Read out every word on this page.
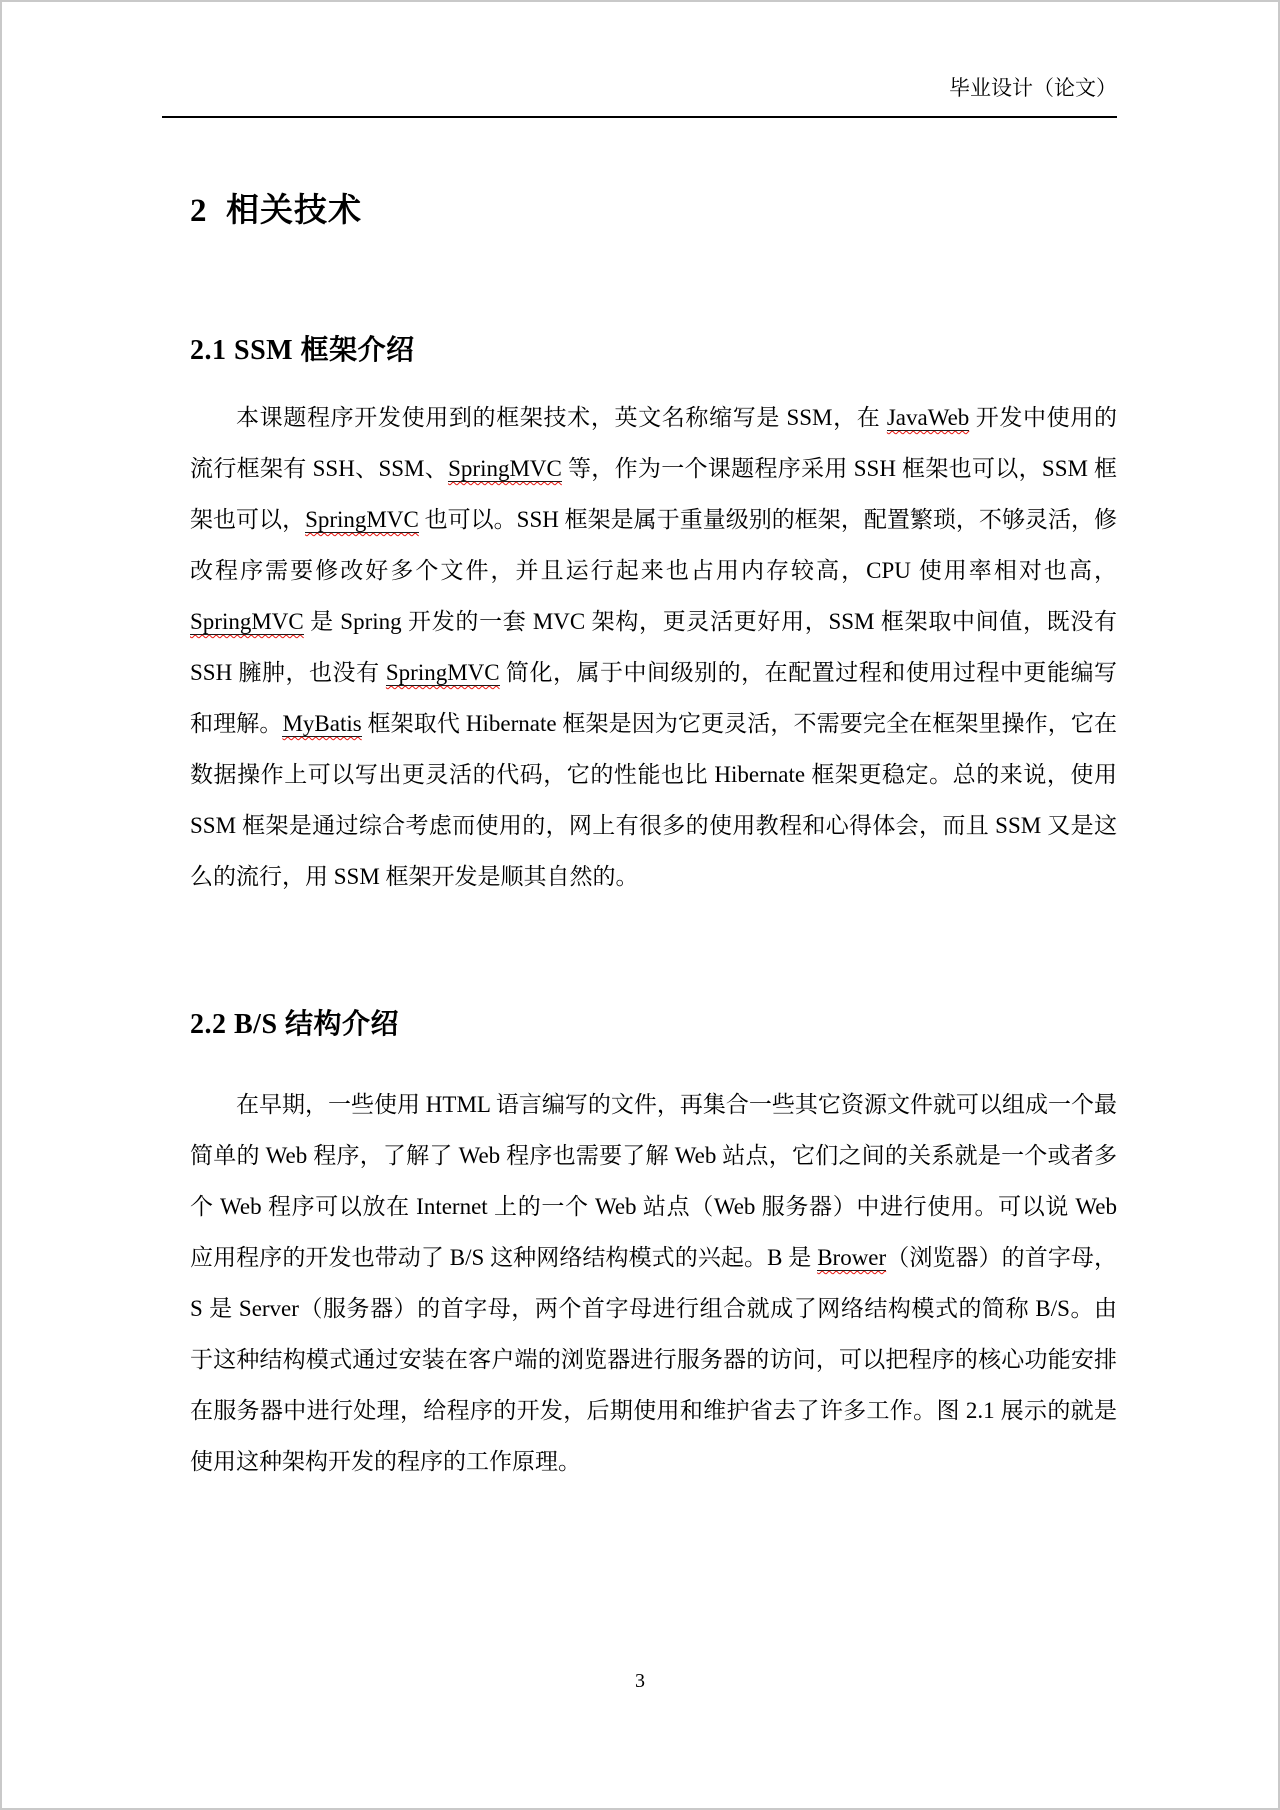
毕业设计（论文）
2  相关技术
2.1 SSM 框架介绍

本课题程序开发使用到的框架技术，英文名称缩写是 SSM，在 JavaWeb 开发中使用的流行框架有 SSH、SSM、SpringMVC 等，作为一个课题程序采用 SSH 框架也可以，SSM 框架也可以，SpringMVC 也可以。SSH 框架是属于重量级别的框架，配置繁琐，不够灵活，修改程序需要修改好多个文件，并且运行起来也占用内存较高，CPU 使用率相对也高，SpringMVC 是 Spring 开发的一套 MVC 架构，更灵活更好用，SSM 框架取中间值，既没有 SSH 臃肿，也没有 SpringMVC 简化，属于中间级别的，在配置过程和使用过程中更能编写和理解。MyBatis 框架取代 Hibernate 框架是因为它更灵活，不需要完全在框架里操作，它在数据操作上可以写出更灵活的代码，它的性能也比 Hibernate 框架更稳定。总的来说，使用 SSM 框架是通过综合考虑而使用的，网上有很多的使用教程和心得体会，而且 SSM 又是这么的流行，用 SSM 框架开发是顺其自然的。

2.2 B/S 结构介绍

在早期，一些使用 HTML 语言编写的文件，再集合一些其它资源文件就可以组成一个最简单的 Web 程序，了解了 Web 程序也需要了解 Web 站点，它们之间的关系就是一个或者多个 Web 程序可以放在 Internet 上的一个 Web 站点（Web 服务器）中进行使用。可以说 Web 应用程序的开发也带动了 B/S 这种网络结构模式的兴起。B 是 Brower（浏览器）的首字母，S 是 Server（服务器）的首字母，两个首字母进行组合就成了网络结构模式的简称 B/S。由于这种结构模式通过安装在客户端的浏览器进行服务器的访问，可以把程序的核心功能安排在服务器中进行处理，给程序的开发，后期使用和维护省去了许多工作。图 2.1 展示的就是使用这种架构开发的程序的工作原理。

3
